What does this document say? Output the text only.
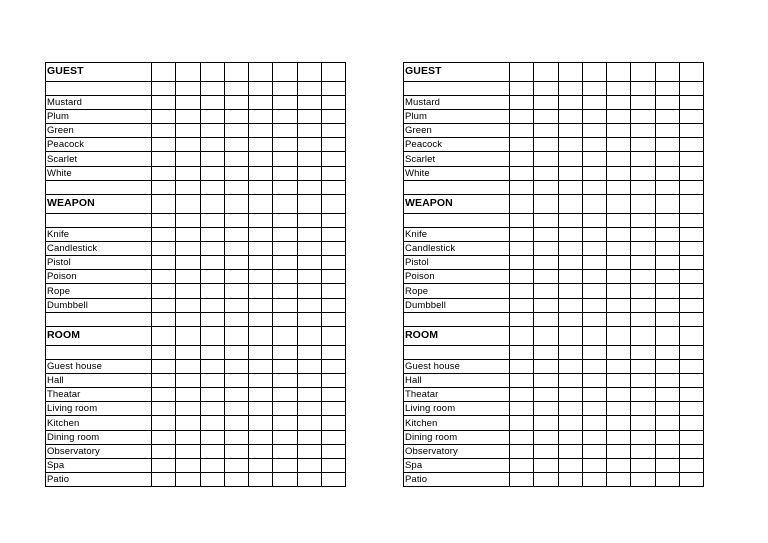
GUEST								

Mustard								
Plum								
Green								
Peacock								
Scarlet								
White								

WEAPON								

Knife								
Candlestick								
Pistol								
Poison								
Rope								
Dumbbell								

ROOM								

Guest house								
Hall								
Theatar								
Living room								
Kitchen								
Dining room								
Observatory								
Spa								
Patio								
GUEST								

Mustard								
Plum								
Green								
Peacock								
Scarlet								
White								

WEAPON								

Knife								
Candlestick								
Pistol								
Poison								
Rope								
Dumbbell								

ROOM								

Guest house								
Hall								
Theatar								
Living room								
Kitchen								
Dining room								
Observatory								
Spa								
Patio								
